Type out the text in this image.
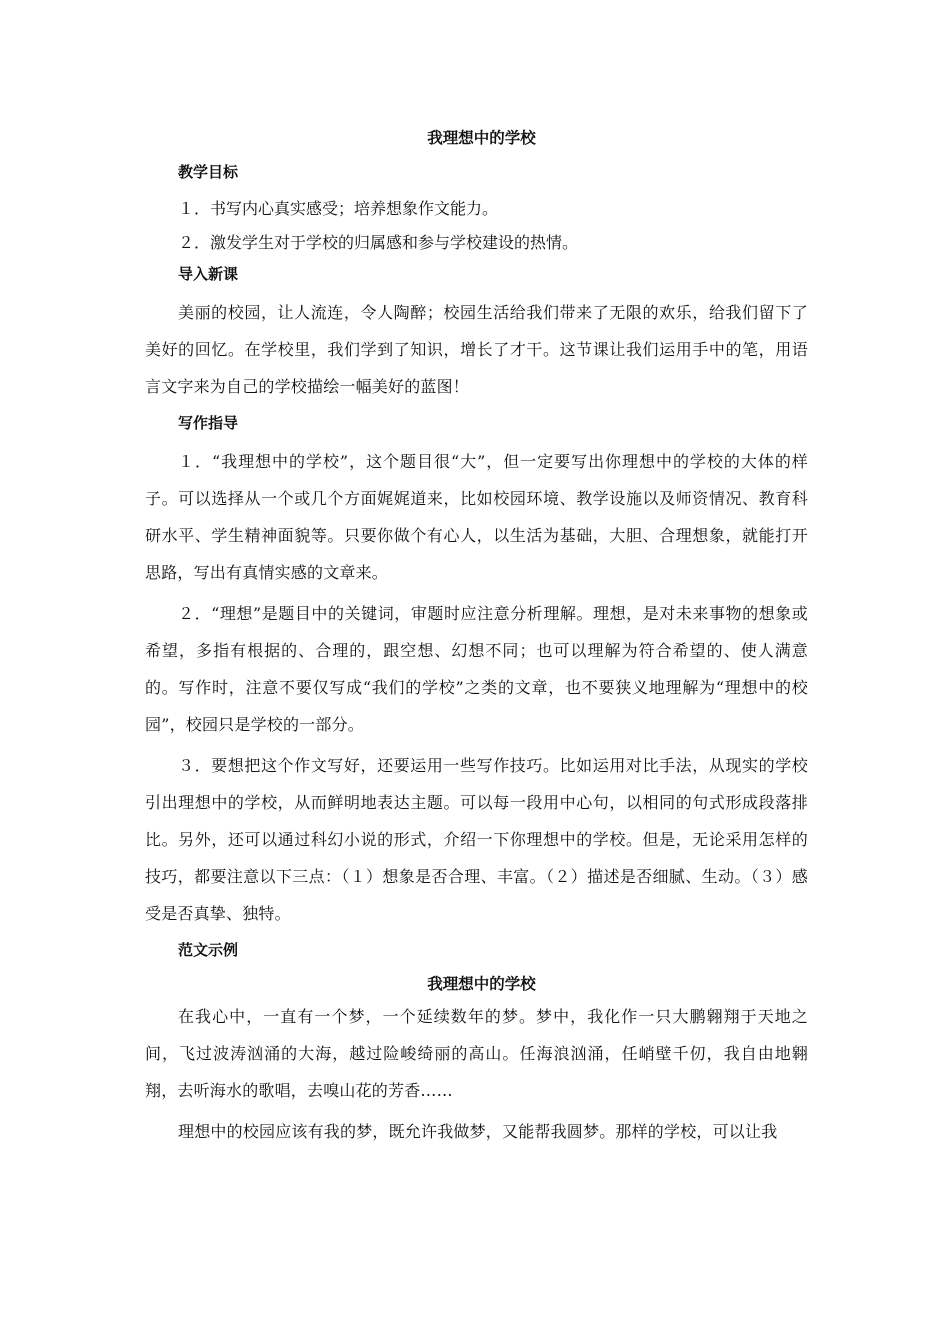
我理想中的学校
教学目标
１．书写内心真实感受；培养想象作文能力。
２．激发学生对于学校的归属感和参与学校建设的热情。
导入新课
美丽的校园，让人流连，令人陶醉；校园生活给我们带来了无限的欢乐，给我们留下了美好的回忆。在学校里，我们学到了知识，增长了才干。这节课让我们运用手中的笔，用语言文字来为自己的学校描绘一幅美好的蓝图！
写作指导
１．“我理想中的学校”，这个题目很“大”，但一定要写出你理想中的学校的大体的样子。可以选择从一个或几个方面娓娓道来，比如校园环境、教学设施以及师资情况、教育科研水平、学生精神面貌等。只要你做个有心人，以生活为基础，大胆、合理想象，就能打开思路，写出有真情实感的文章来。
２．“理想”是题目中的关键词，审题时应注意分析理解。理想，是对未来事物的想象或希望，多指有根据的、合理的，跟空想、幻想不同；也可以理解为符合希望的、使人满意的。写作时，注意不要仅写成“我们的学校”之类的文章，也不要狭义地理解为“理想中的校园”，校园只是学校的一部分。
３．要想把这个作文写好，还要运用一些写作技巧。比如运用对比手法，从现实的学校引出理想中的学校，从而鲜明地表达主题。可以每一段用中心句，以相同的句式形成段落排比。另外，还可以通过科幻小说的形式，介绍一下你理想中的学校。但是，无论采用怎样的技巧，都要注意以下三点：（１）想象是否合理、丰富。（２）描述是否细腻、生动。（３）感受是否真挚、独特。
范文示例
我理想中的学校
在我心中，一直有一个梦，一个延续数年的梦。梦中，我化作一只大鹏翱翔于天地之间，飞过波涛汹涌的大海，越过险峻绮丽的高山。任海浪汹涌，任峭壁千仞，我自由地翱翔，去听海水的歌唱，去嗅山花的芳香……
理想中的校园应该有我的梦，既允许我做梦，又能帮我圆梦。那样的学校，可以让我
